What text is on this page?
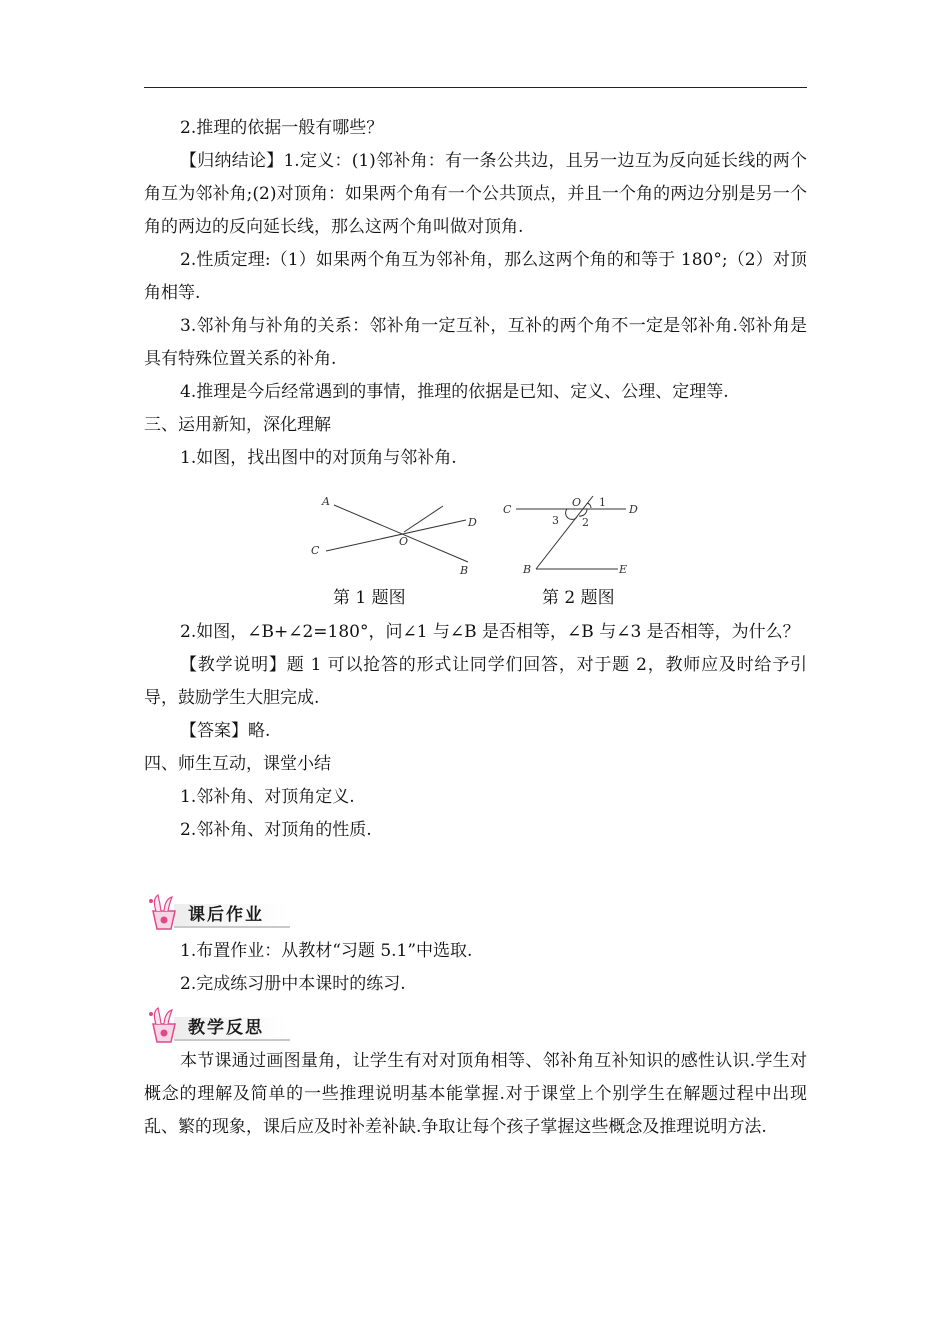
2.推理的依据一般有哪些？

【归纳结论】1.定义：(1)邻补角：有一条公共边，且另一边互为反向延长线的两个角互为邻补角;(2)对顶角：如果两个角有一个公共顶点，并且一个角的两边分别是另一个角的两边的反向延长线，那么这两个角叫做对顶角.

2.性质定理:（1）如果两个角互为邻补角，那么这两个角的和等于 180°;（2）对顶角相等.

3.邻补角与补角的关系：邻补角一定互补，互补的两个角不一定是邻补角.邻补角是具有特殊位置关系的补角.

4.推理是今后经常遇到的事情，推理的依据是已知、定义、公理、定理等.

三、运用新知，深化理解

1.如图，找出图中的对顶角与邻补角.

A
D
C
O
B
第 1 题图
C
O 1
D
3 2
B	E
第 2 题图

2.如图，∠B+∠2=180°，问∠1 与∠B 是否相等，∠B 与∠3 是否相等，为什么？

【教学说明】题 1 可以抢答的形式让同学们回答，对于题 2，教师应及时给予引导，鼓励学生大胆完成.

【答案】略.

四、师生互动，课堂小结

1.邻补角、对顶角定义.

2.邻补角、对顶角的性质.

课后作业

1.布置作业：从教材“习题 5.1”中选取.

2.完成练习册中本课时的练习.

教学反思

本节课通过画图量角，让学生有对对顶角相等、邻补角互补知识的感性认识.学生对概念的理解及简单的一些推理说明基本能掌握.对于课堂上个别学生在解题过程中出现乱、繁的现象，课后应及时补差补缺.争取让每个孩子掌握这些概念及推理说明方法.
